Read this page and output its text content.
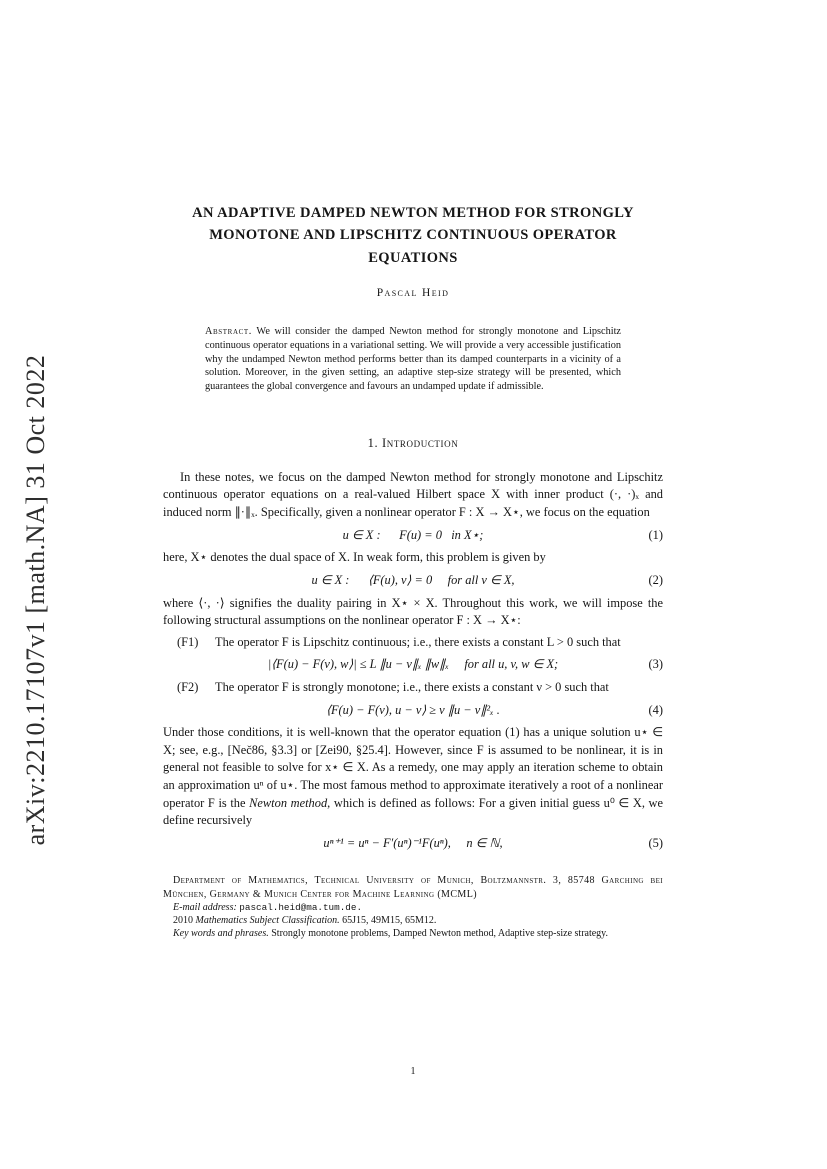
arXiv:2210.17107v1 [math.NA] 31 Oct 2022
AN ADAPTIVE DAMPED NEWTON METHOD FOR STRONGLY MONOTONE AND LIPSCHITZ CONTINUOUS OPERATOR EQUATIONS
Pascal Heid

Abstract. We will consider the damped Newton method for strongly monotone and Lipschitz continuous operator equations in a variational setting. We will provide a very accessible justification why the undamped Newton method performs better than its damped counterparts in a vicinity of a solution. Moreover, in the given setting, an adaptive step-size strategy will be presented, which guarantees the global convergence and favours an undamped update if admissible.

1. Introduction

In these notes, we focus on the damped Newton method for strongly monotone and Lipschitz continuous operator equations on a real-valued Hilbert space X with inner product (·, ·)ₓ and induced norm ∥·∥ₓ. Specifically, given a nonlinear operator F : X → X⋆, we focus on the equation

u ∈ X :  F(u) = 0  in X⋆;	(1)

here, X⋆ denotes the dual space of X. In weak form, this problem is given by

u ∈ X :  ⟨F(u), v⟩ = 0  for all v ∈ X,	(2)

where ⟨·, ·⟩ signifies the duality pairing in X⋆ × X. Throughout this work, we will impose the following structural assumptions on the nonlinear operator F : X → X⋆:

(F1)	The operator F is Lipschitz continuous; i.e., there exists a constant L > 0 such that
|⟨F(u) − F(v), w⟩| ≤ L ∥u − v∥ₓ ∥w∥ₓ  for all u, v, w ∈ X;	(3)
(F2)	The operator F is strongly monotone; i.e., there exists a constant ν > 0 such that
⟨F(u) − F(v), u − v⟩ ≥ ν ∥u − v∥²ₓ .	(4)

Under those conditions, it is well-known that the operator equation (1) has a unique solution u⋆ ∈ X; see, e.g., [Neč86, §3.3] or [Zei90, §25.4]. However, since F is assumed to be nonlinear, it is in general not feasible to solve for x⋆ ∈ X. As a remedy, one may apply an iteration scheme to obtain an approximation uⁿ of u⋆. The most famous method to approximate iteratively a root of a nonlinear operator F is the Newton method, which is defined as follows: For a given initial guess u⁰ ∈ X, we define recursively

uⁿ⁺¹ = uⁿ − F′(uⁿ)⁻¹F(uⁿ),  n ∈ ℕ,	(5)

Department of Mathematics, Technical University of Munich, Boltzmannstr. 3, 85748 Garching bei München, Germany & Munich Center for Machine Learning (MCML)

E-mail address: pascal.heid@ma.tum.de.

2010 Mathematics Subject Classification. 65J15, 49M15, 65M12.

Key words and phrases. Strongly monotone problems, Damped Newton method, Adaptive step-size strategy.

1
